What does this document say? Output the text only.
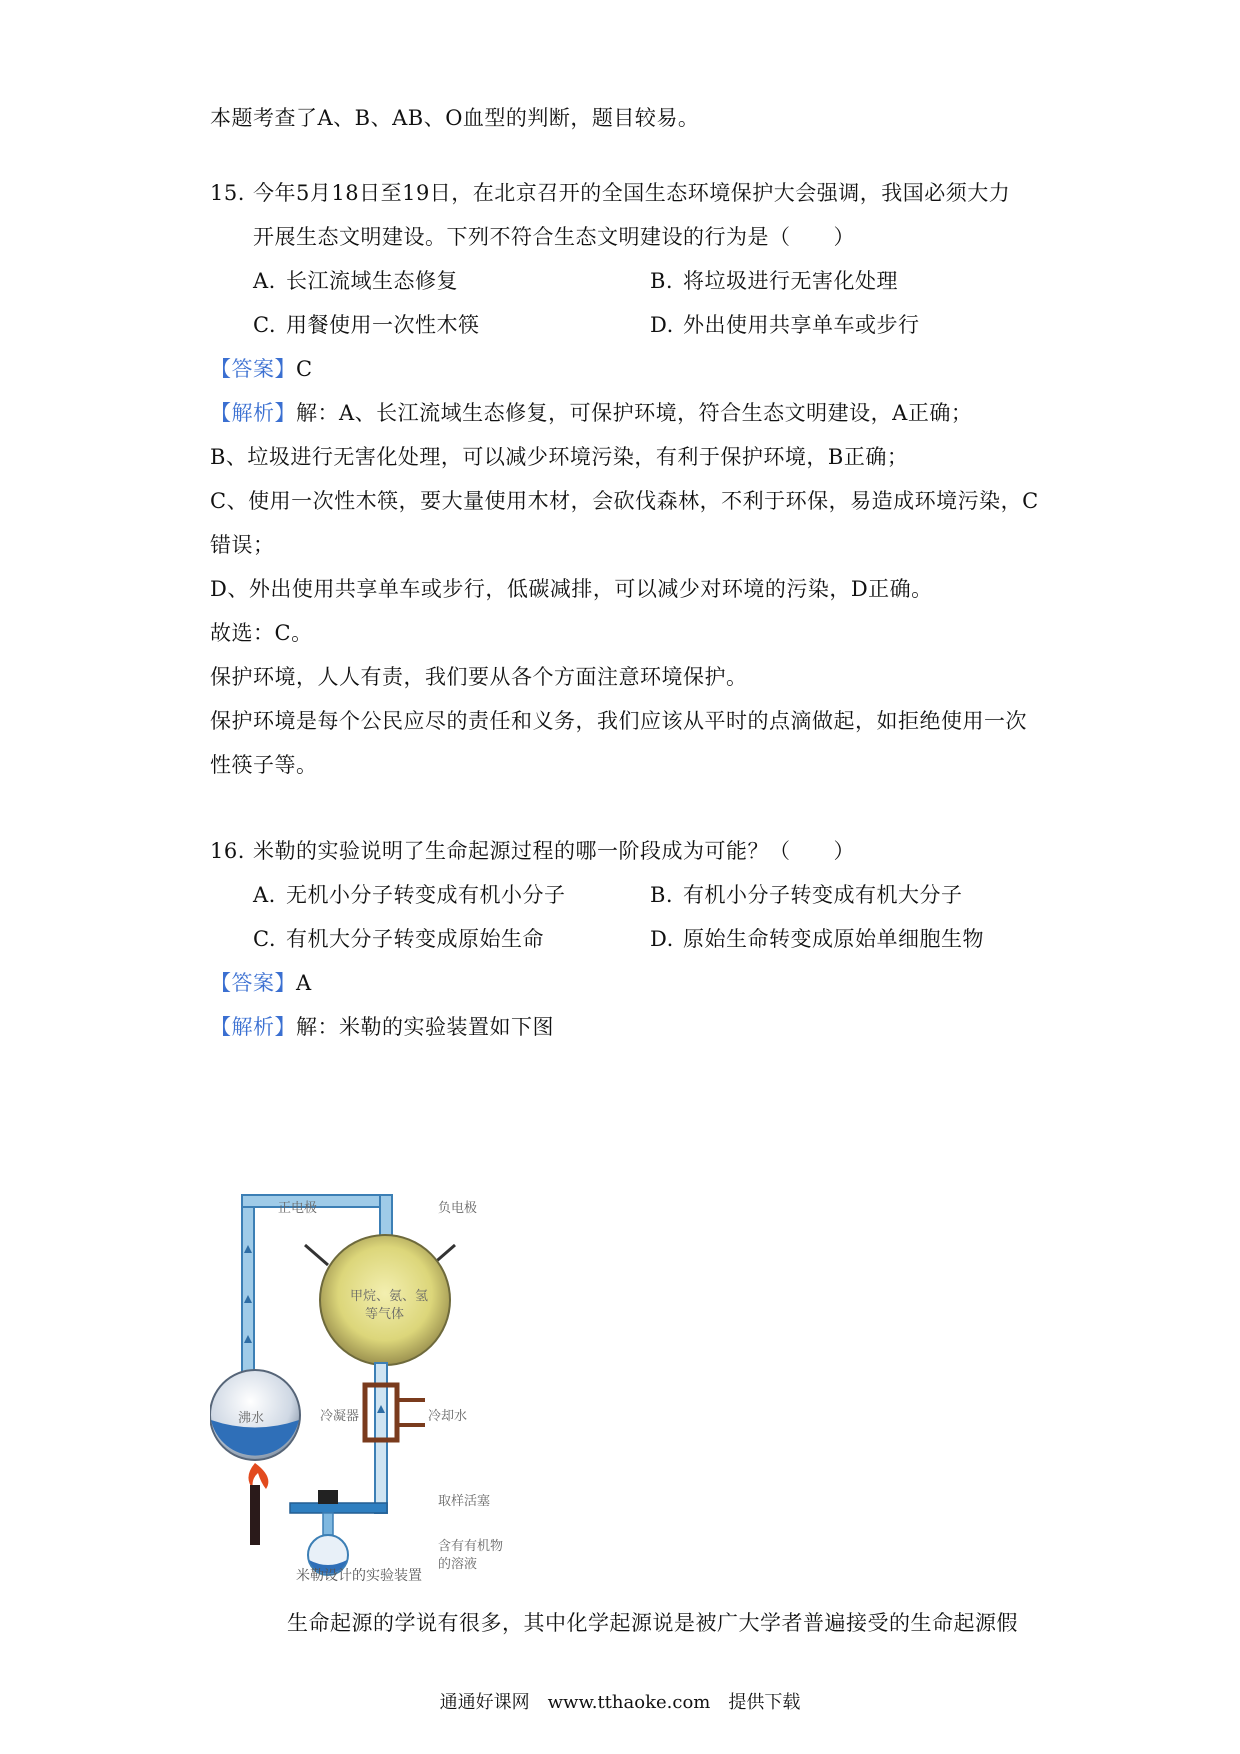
本题考查了A、B、AB、O血型的判断，题目较易。
15. 今年5月18日至19日，在北京召开的全国生态环境保护大会强调，我国必须大力
开展生态文明建设。下列不符合生态文明建设的行为是（　　）
A. 长江流域生态修复	B. 将垃圾进行无害化处理
C. 用餐使用一次性木筷	D. 外出使用共享单车或步行
【答案】C
【解析】解：A、长江流域生态修复，可保护环境，符合生态文明建设，A正确；
B、垃圾进行无害化处理，可以减少环境污染，有利于保护环境，B正确；
C、使用一次性木筷，要大量使用木材，会砍伐森林，不利于环保，易造成环境污染，C
错误；
D、外出使用共享单车或步行，低碳减排，可以减少对环境的污染，D正确。
故选：C。
保护环境，人人有责，我们要从各个方面注意环境保护。
保护环境是每个公民应尽的责任和义务，我们应该从平时的点滴做起，如拒绝使用一次
性筷子等。
16. 米勒的实验说明了生命起源过程的哪一阶段成为可能？（　　）
A. 无机小分子转变成有机小分子	B. 有机小分子转变成有机大分子
C. 有机大分子转变成原始生命	D. 原始生命转变成原始单细胞生物
【答案】A
【解析】解：米勒的实验装置如下图
正电极	负电极
甲烷、氨、氢
等气体
沸水	冷凝器	冷却水
取样活塞
含有有机物
的溶液
米勒设计的实验装置
生命起源的学说有很多，其中化学起源说是被广大学者普遍接受的生命起源假
通通好课网　www.tthaoke.com　提供下载
